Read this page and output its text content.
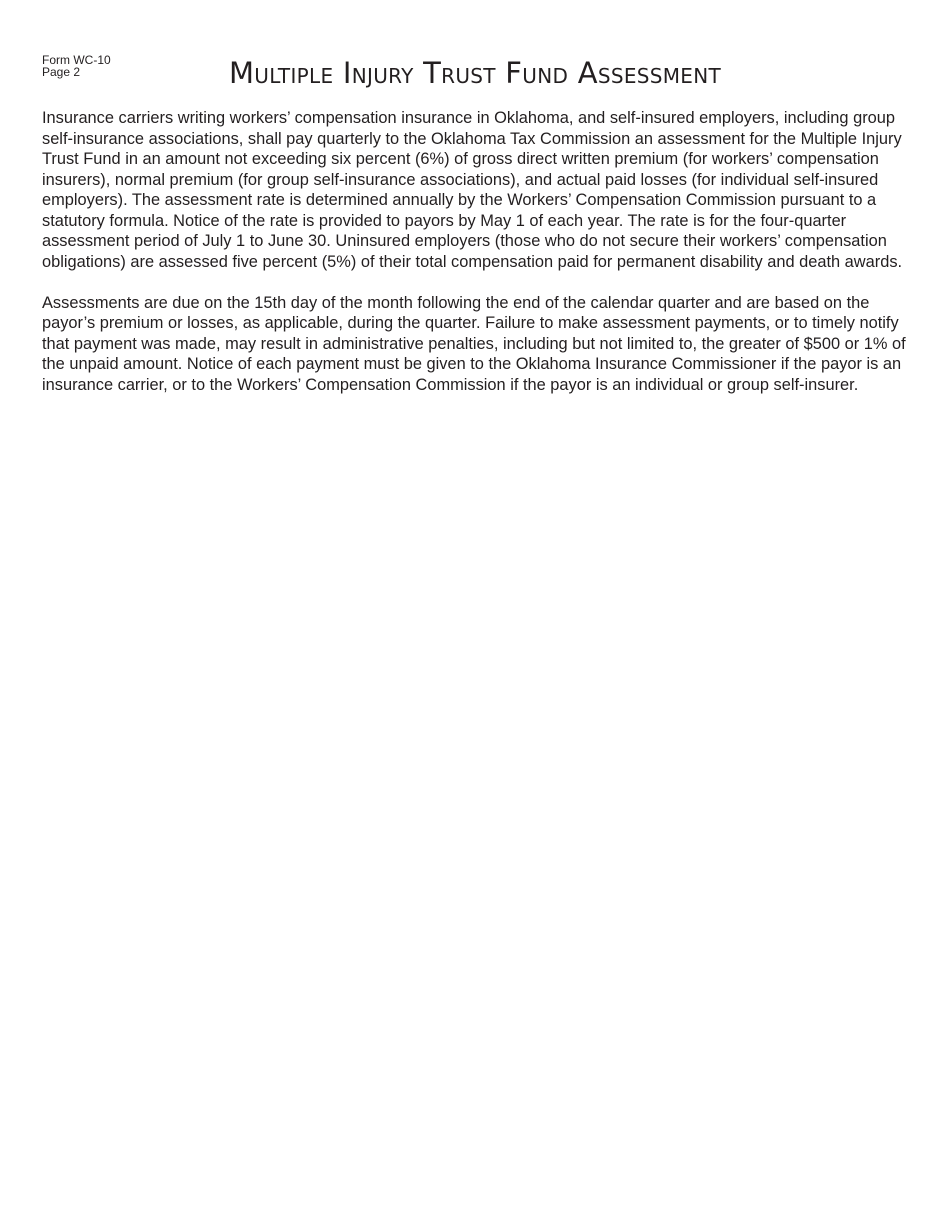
Form WC-10
Page 2	Multiple Injury Trust Fund Assessment

Insurance carriers writing workers’ compensation insurance in Oklahoma, and self-insured employers, including group self-insurance associations, shall pay quarterly to the Oklahoma Tax Commission an assessment for the Multiple Injury Trust Fund in an amount not exceeding six percent (6%) of gross direct written premium (for workers’ compensation insurers), normal premium (for group self-insurance associations), and actual paid losses (for individual self-insured employers). The assessment rate is determined annually by the Workers’ Compensation Commission pursuant to a statutory formula. Notice of the rate is provided to payors by May 1 of each year. The rate is for the four-quarter assessment period of July 1 to June 30. Uninsured employers (those who do not secure their workers’ compensation obligations) are assessed five percent (5%) of their total compensation paid for permanent disability and death awards.

Assessments are due on the 15th day of the month following the end of the calendar quarter and are based on the payor’s premium or losses, as applicable, during the quarter. Failure to make assessment payments, or to timely notify that payment was made, may result in administrative penalties, including but not limited to, the greater of $500 or 1% of the unpaid amount. Notice of each payment must be given to the Oklahoma Insurance Commissioner if the payor is an insurance carrier, or to the Workers’ Compensation Commission if the payor is an individual or group self-insurer.
